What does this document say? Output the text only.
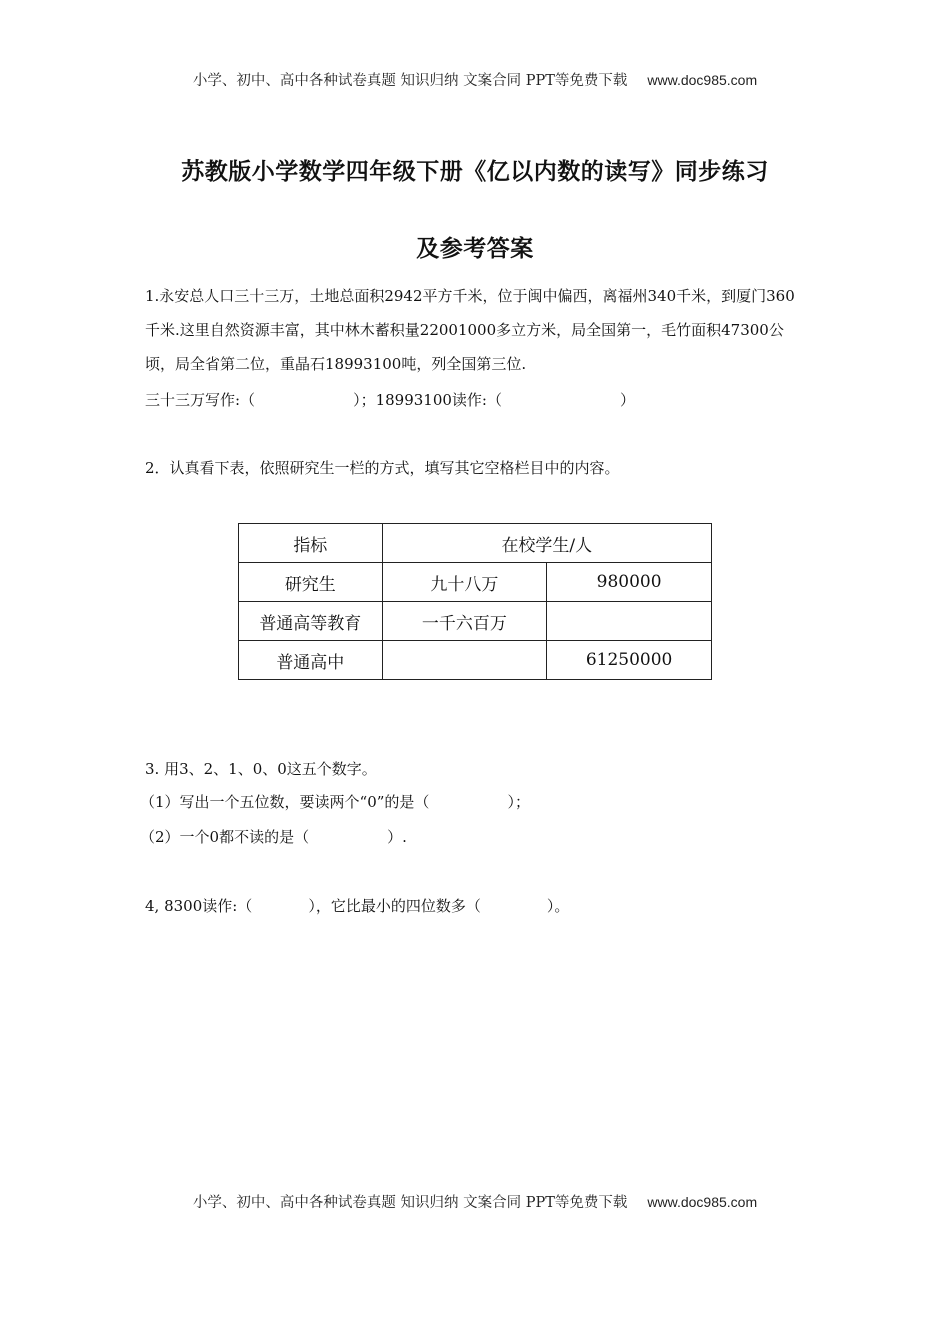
小学、初中、高中各种试卷真题 知识归纳 文案合同 PPT等免费下载 www.doc985.com
苏教版小学数学四年级下册《亿以内数的读写》同步练习
及参考答案
1.永安总人口三十三万，土地总面积2942平方千米，位于闽中偏西，离福州340千米，到厦门360千米.这里自然资源丰富，其中林木蓄积量22001000多立方米，局全国第一，毛竹面积47300公顷，局全省第二位，重晶石18993100吨，列全国第三位.
三十三万写作:（	）；18993100读作:（	）
2．认真看下表，依照研究生一栏的方式，填写其它空格栏目中的内容。
指标	在校学生/人	
研究生	九十八万	980000
普通高等教育	一千六百万	
普通高中		61250000
3. 用3、2、1、0、0这五个数字。
（1）写出一个五位数，要读两个“0”的是（	）；
（2）一个0都不读的是（	）.
4, 8300读作:（	），它比最小的四位数多（	）。
小学、初中、高中各种试卷真题 知识归纳 文案合同 PPT等免费下载 www.doc985.com
